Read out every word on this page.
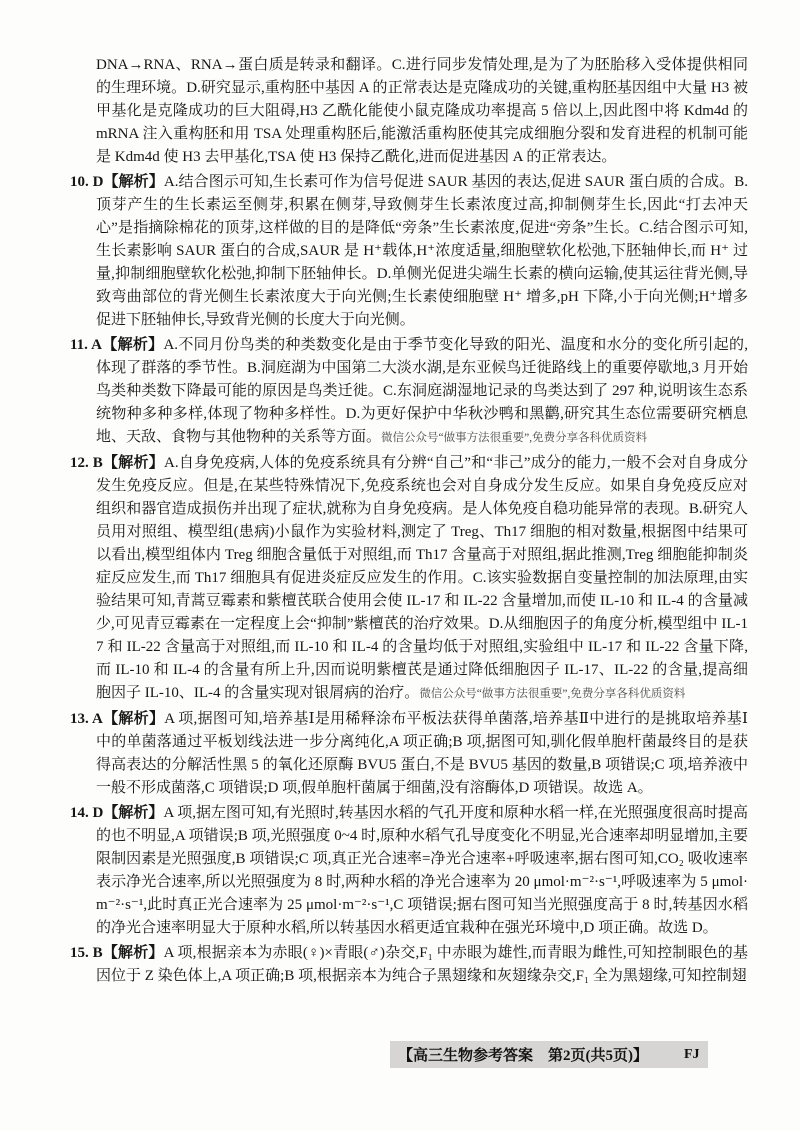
DNA→RNA、RNA→蛋白质是转录和翻译。C.进行同步发情处理,是为了为胚胎移入受体提供相同的生理环境。D.研究显示,重构胚中基因 A 的正常表达是克隆成功的关键,重构胚基因组中大量 H3 被甲基化是克隆成功的巨大阻碍,H3 乙酰化能使小鼠克隆成功率提高 5 倍以上,因此图中将 Kdm4d 的 mRNA 注入重构胚和用 TSA 处理重构胚后,能激活重构胚使其完成细胞分裂和发育进程的机制可能是 Kdm4d 使 H3 去甲基化,TSA 使 H3 保持乙酰化,进而促进基因 A 的正常表达。

10. D【解析】A.结合图示可知,生长素可作为信号促进 SAUR 基因的表达,促进 SAUR 蛋白质的合成。B.顶芽产生的生长素运至侧芽,积累在侧芽,导致侧芽生长素浓度过高,抑制侧芽生长,因此“打去冲天心”是指摘除棉花的顶芽,这样做的目的是降低“旁条”生长素浓度,促进“旁条”生长。C.结合图示可知,生长素影响 SAUR 蛋白的合成,SAUR 是 H⁺载体,H⁺浓度适量,细胞壁软化松弛,下胚轴伸长,而 H⁺ 过量,抑制细胞壁软化松弛,抑制下胚轴伸长。D.单侧光促进尖端生长素的横向运输,使其运往背光侧,导致弯曲部位的背光侧生长素浓度大于向光侧;生长素使细胞壁 H⁺ 增多,pH 下降,小于向光侧;H⁺增多促进下胚轴伸长,导致背光侧的长度大于向光侧。

11. A【解析】A.不同月份鸟类的种类数变化是由于季节变化导致的阳光、温度和水分的变化所引起的,体现了群落的季节性。B.洞庭湖为中国第二大淡水湖,是东亚候鸟迁徙路线上的重要停歇地,3 月开始鸟类种类数下降最可能的原因是鸟类迁徙。C.东洞庭湖湿地记录的鸟类达到了 297 种,说明该生态系统物种多种多样,体现了物种多样性。D.为更好保护中华秋沙鸭和黑鹳,研究其生态位需要研究栖息地、天敌、食物与其他物种的关系等方面。微信公众号“做事方法很重要”,免费分享各科优质资料

12. B【解析】A.自身免疫病,人体的免疫系统具有分辨“自己”和“非己”成分的能力,一般不会对自身成分发生免疫反应。但是,在某些特殊情况下,免疫系统也会对自身成分发生反应。如果自身免疫反应对组织和器官造成损伤并出现了症状,就称为自身免疫病。是人体免疫自稳功能异常的表现。B.研究人员用对照组、模型组(患病)小鼠作为实验材料,测定了 Treg、Th17 细胞的相对数量,根据图中结果可以看出,模型组体内 Treg 细胞含量低于对照组,而 Th17 含量高于对照组,据此推测,Treg 细胞能抑制炎症反应发生,而 Th17 细胞具有促进炎症反应发生的作用。C.该实验数据自变量控制的加法原理,由实验结果可知,青蒿豆霉素和紫檀芪联合使用会使 IL-17 和 IL-22 含量增加,而使 IL-10 和 IL-4 的含量减少,可见青豆霉素在一定程度上会“抑制”紫檀芪的治疗效果。D.从细胞因子的角度分析,模型组中 IL-17 和 IL-22 含量高于对照组,而 IL-10 和 IL-4 的含量均低于对照组,实验组中 IL-17 和 IL-22 含量下降,而 IL-10 和 IL-4 的含量有所上升,因而说明紫檀芪是通过降低细胞因子 IL-17、IL-22 的含量,提高细胞因子 IL-10、IL-4 的含量实现对银屑病的治疗。微信公众号“做事方法很重要”,免费分享各科优质资料

13. A【解析】A 项,据图可知,培养基Ⅰ是用稀释涂布平板法获得单菌落,培养基Ⅱ中进行的是挑取培养基Ⅰ中的单菌落通过平板划线法进一步分离纯化,A 项正确;B 项,据图可知,驯化假单胞杆菌最终目的是获得高表达的分解活性黑 5 的氧化还原酶 BVU5 蛋白,不是 BVU5 基因的数量,B 项错误;C 项,培养液中一般不形成菌落,C 项错误;D 项,假单胞杆菌属于细菌,没有溶酶体,D 项错误。故选 A。

14. D【解析】A 项,据左图可知,有光照时,转基因水稻的气孔开度和原种水稻一样,在光照强度很高时提高的也不明显,A 项错误;B 项,光照强度 0~4 时,原种水稻气孔导度变化不明显,光合速率却明显增加,主要限制因素是光照强度,B 项错误;C 项,真正光合速率=净光合速率+呼吸速率,据右图可知,CO₂ 吸收速率表示净光合速率,所以光照强度为 8 时,两种水稻的净光合速率为 20 μmol·m⁻²·s⁻¹,呼吸速率为 5 μmol·m⁻²·s⁻¹,此时真正光合速率为 25 μmol·m⁻²·s⁻¹,C 项错误;据右图可知当光照强度高于 8 时,转基因水稻的净光合速率明显大于原种水稻,所以转基因水稻更适宜栽种在强光环境中,D 项正确。故选 D。

15. B【解析】A 项,根据亲本为赤眼(♀)×青眼(♂)杂交,F₁ 中赤眼为雄性,而青眼为雌性,可知控制眼色的基因位于 Z 染色体上,A 项正确;B 项,根据亲本为纯合子黑翅缘和灰翅缘杂交,F₁ 全为黑翅缘,可知控制翅

【高三生物参考答案　第2页(共5页)】	FJ
